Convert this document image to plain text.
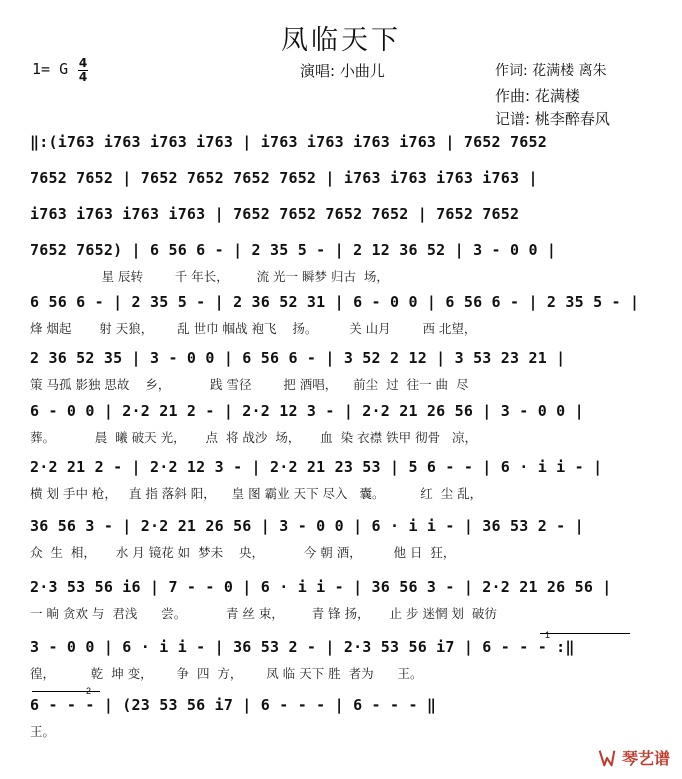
凤临天下
1= G 4
4	演唱: 小曲儿	作词: 花满楼 离朱
作曲: 花满楼
记谱: 桃李醉春风
‖:(i763 i763 i763 i763 | i763 i763 i763 i763 | 7652 7652
7652 7652 | 7652 7652 7652 7652 | i763 i763 i763 i763 |
i763 i763 i763 i763 | 7652 7652 7652 7652 | 7652 7652
7652 7652) | 6 56 6 - | 2 35 5 - | 2 12 36 52 | 3 - 0 0 |
星 辰转        千 年长，       流 光一 瞬梦 归古  场，
6 56 6 - | 2 35 5 - | 2 36 52 31 | 6 - 0 0 | 6 56 6 - | 2 35 5 - |
烽 烟起       射 天狼，      乱 世巾 帼战 袍飞    扬。        关 山月        西 北望，
2 36 52 35 | 3 - 0 0 | 6 56 6 - | 3 52 2 12 | 3 53 23 21 |
策 马孤 影独 思故    乡，          践 雪径        把 酒唱，    前尘  过  往一 曲  尽
6 - 0 0 | 2·2 21 2 - | 2·2 12 3 - | 2·2 21 26 56 | 3 - 0 0 |
葬。          晨  曦 破天 光，     点  将 战沙  场，     血  染 衣襟 铁甲 彻骨   凉，
2·2 21 2 - | 2·2 12 3 - | 2·2 21 23 53 | 5 6 - - | 6 · i i - |
横 划 手中 枪，   直 指 落斜 阳，    皇 图 霸业 天下 尽入   囊。         红  尘 乱，
36 56 3 - | 2·2 21 26 56 | 3 - 0 0 | 6 · i i - | 36 53 2 - |
众  生  相，     水 月 镜花 如  梦未    央，          今 朝 酒，        他 日  狂，
2·3 53 56 i6 | 7 - - 0 | 6 · i i - | 36 56 3 - | 2·2 21 26 56 |
一 晌 贪欢 与  君浅      尝。          青 丝 束，       青 锋 扬，     止 步 迷惘 划  破彷
3 - 0 0 | 6 · i i - | 36 53 2 - | 2·3 53 56 i7 | 6 - - - :‖
徨，         乾  坤 变，      争  四  方，      凤 临 天下 胜  者为      王。
6 - - - | (23 53 56 i7 | 6 - - - | 6 - - - ‖
王。
1
2
琴艺谱
